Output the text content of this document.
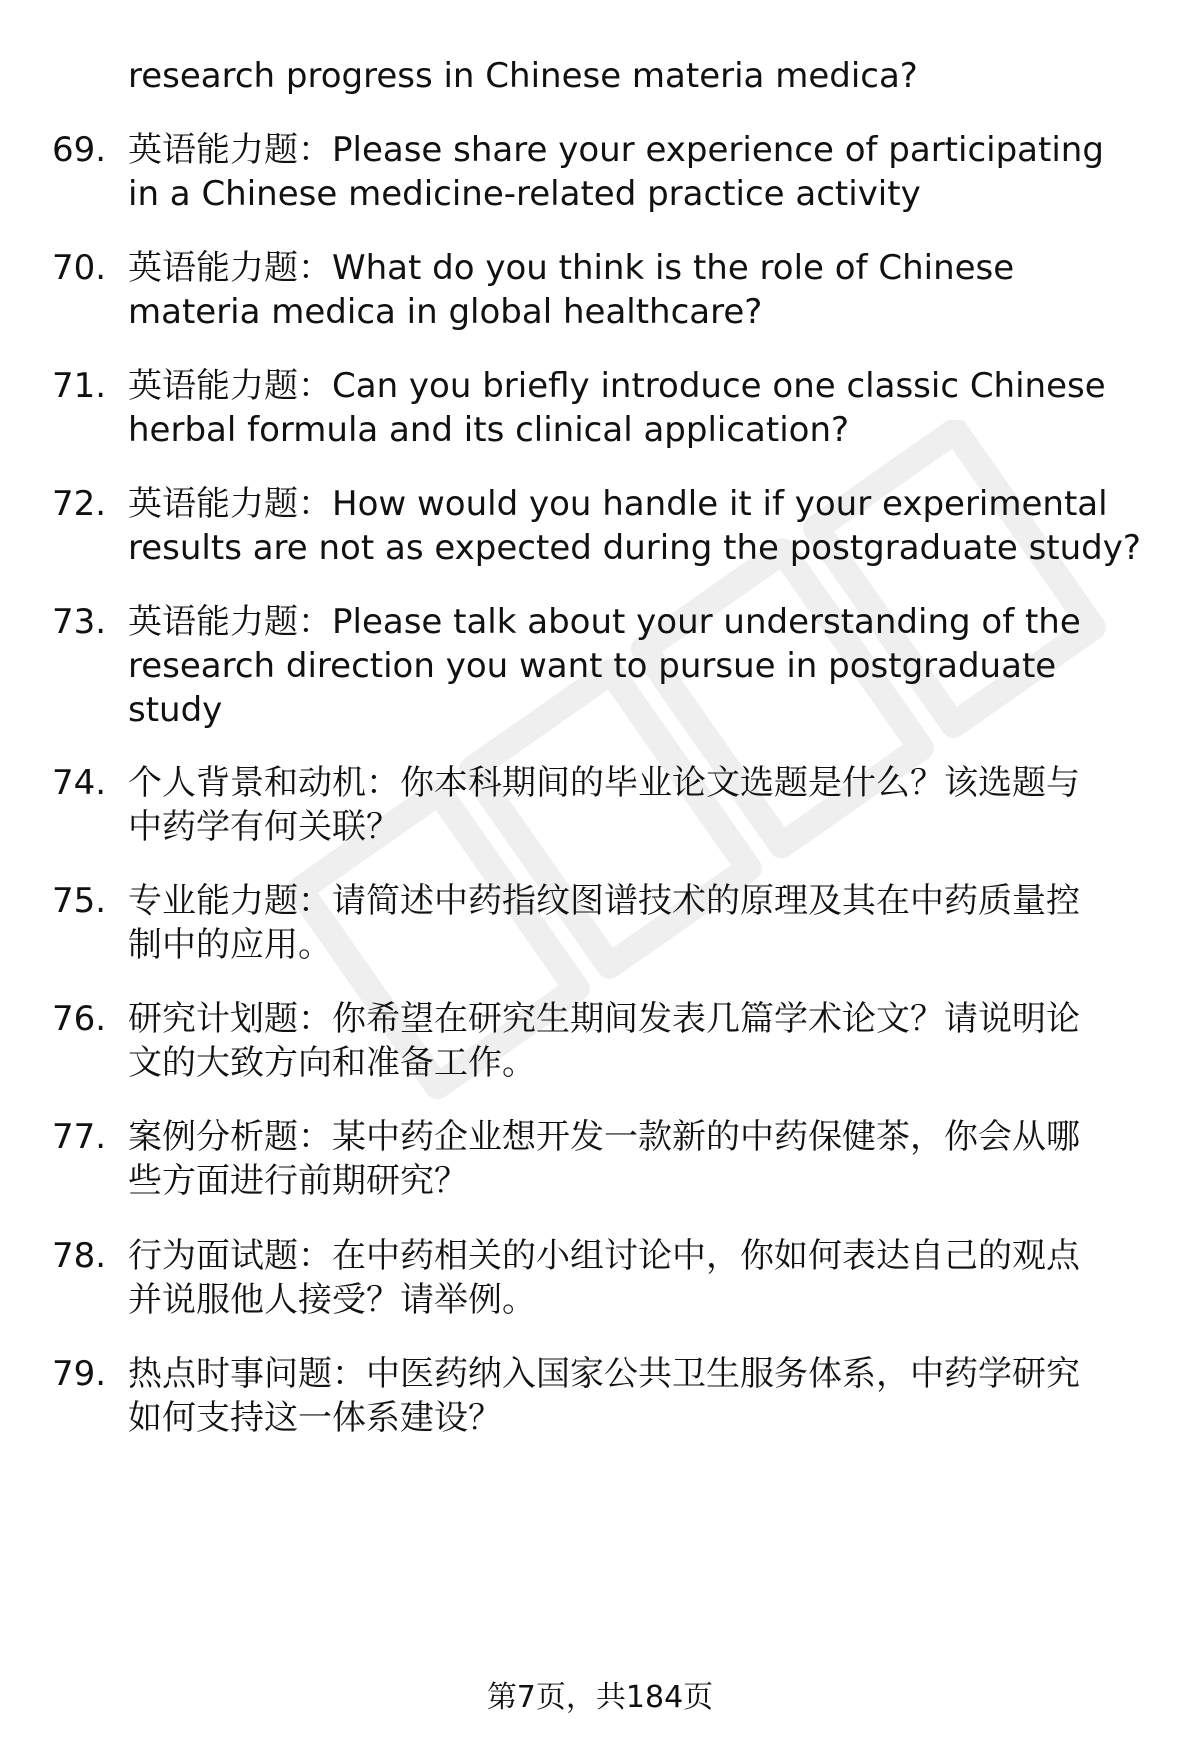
research progress in Chinese materia medica?
69. 英语能力题：Please share your experience of participating
in a Chinese medicine-related practice activity
70. 英语能力题：What do you think is the role of Chinese
materia medica in global healthcare?
71. 英语能力题：Can you briefly introduce one classic Chinese
herbal formula and its clinical application?
72. 英语能力题：How would you handle it if your experimental
results are not as expected during the postgraduate study?
73. 英语能力题：Please talk about your understanding of the
research direction you want to pursue in postgraduate
study
74. 个人背景和动机：你本科期间的毕业论文选题是什么？该选题与
中药学有何关联？
75. 专业能力题：请简述中药指纹图谱技术的原理及其在中药质量控
制中的应用。
76. 研究计划题：你希望在研究生期间发表几篇学术论文？请说明论
文的大致方向和准备工作。
77. 案例分析题：某中药企业想开发一款新的中药保健茶，你会从哪
些方面进行前期研究？
78. 行为面试题：在中药相关的小组讨论中，你如何表达自己的观点
并说服他人接受？请举例。
79. 热点时事问题：中医药纳入国家公共卫生服务体系，中药学研究
如何支持这一体系建设？
第7页，共184页
